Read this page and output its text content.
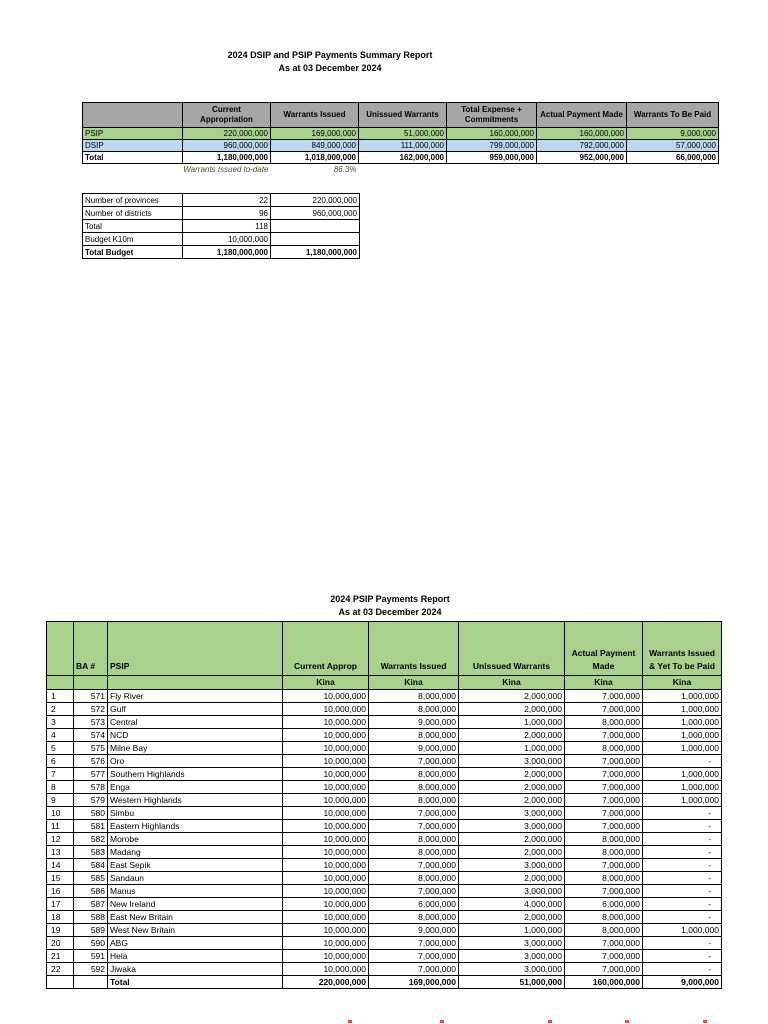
2024 DSIP and PSIP Payments Summary Report
As at 03 December 2024
	Current Appropriation	Warrants Issued	Unissued Warrants	Total Expense + Commitments	Actual Payment Made	Warrants To Be Paid
PSIP	220,000,000	169,000,000	51,000,000	160,000,000	160,000,000	9,000,000
DSIP	960,000,000	849,000,000	111,000,000	799,000,000	792,000,000	57,000,000
Total	1,180,000,000	1,018,000,000	162,000,000	959,000,000	952,000,000	66,000,000
Warrants Issued to-date		86.3%				
Number of provinces	22	220,000,000
Number of districts	96	960,000,000
Total	118	
Budget K10m	10,000,000	
Total Budget	1,180,000,000	1,180,000,000
2024 PSIP Payments Report
As at 03 December 2024
	BA #	PSIP	Current Approp	Warrants Issued	Unissued Warrants	Actual Payment Made	Warrants Issued & Yet To be Paid
			Kina	Kina	Kina	Kina	Kina
1	571	Fly River	10,000,000	8,000,000	2,000,000	7,000,000	1,000,000
2	572	Gulf	10,000,000	8,000,000	2,000,000	7,000,000	1,000,000
3	573	Central	10,000,000	9,000,000	1,000,000	8,000,000	1,000,000
4	574	NCD	10,000,000	8,000,000	2,000,000	7,000,000	1,000,000
5	575	Milne Bay	10,000,000	9,000,000	1,000,000	8,000,000	1,000,000
6	576	Oro	10,000,000	7,000,000	3,000,000	7,000,000	-
7	577	Southern Highlands	10,000,000	8,000,000	2,000,000	7,000,000	1,000,000
8	578	Enga	10,000,000	8,000,000	2,000,000	7,000,000	1,000,000
9	579	Western Highlands	10,000,000	8,000,000	2,000,000	7,000,000	1,000,000
10	580	Simbu	10,000,000	7,000,000	3,000,000	7,000,000	-
11	581	Eastern Highlands	10,000,000	7,000,000	3,000,000	7,000,000	-
12	582	Morobe	10,000,000	8,000,000	2,000,000	8,000,000	-
13	583	Madang	10,000,000	8,000,000	2,000,000	8,000,000	-
14	584	East Sepik	10,000,000	7,000,000	3,000,000	7,000,000	-
15	585	Sandaun	10,000,000	8,000,000	2,000,000	8,000,000	-
16	586	Manus	10,000,000	7,000,000	3,000,000	7,000,000	-
17	587	New Ireland	10,000,000	6,000,000	4,000,000	6,000,000	-
18	588	East New Britain	10,000,000	8,000,000	2,000,000	8,000,000	-
19	589	West New Britain	10,000,000	9,000,000	1,000,000	8,000,000	1,000,000
20	590	ABG	10,000,000	7,000,000	3,000,000	7,000,000	-
21	591	Hela	10,000,000	7,000,000	3,000,000	7,000,000	-
22	592	Jiwaka	10,000,000	7,000,000	3,000,000	7,000,000	-
		Total	220,000,000	169,000,000	51,000,000	160,000,000	9,000,000
